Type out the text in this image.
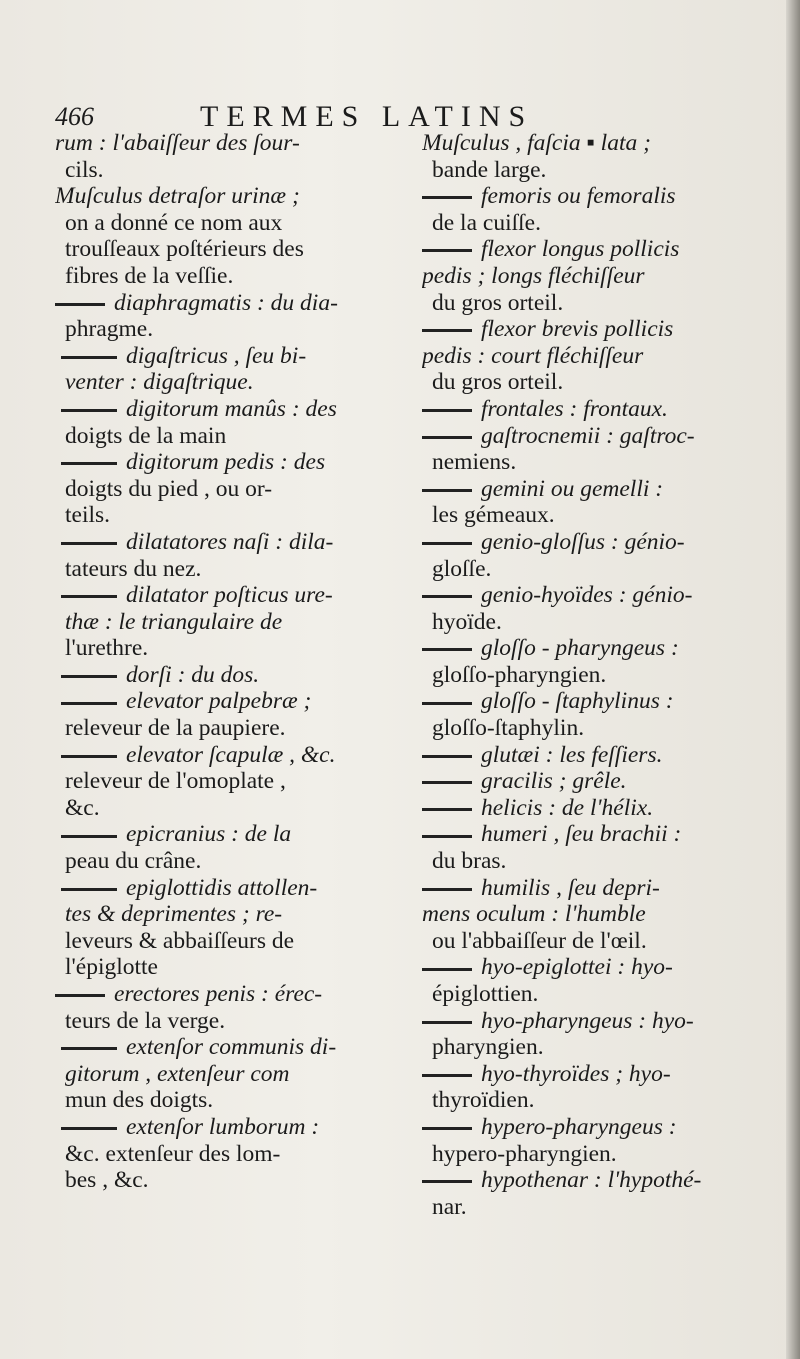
466	TERMES LATINS
rum : l'abaiſſeur des ſour-
cils.
Muſculus detraſor urinæ ;
on a donné ce nom aux
trouſſeaux poſtérieurs des
fibres de la veſſie.
diaphragmatis : du dia-
phragme.
digaſtricus , ſeu bi-
venter : digaſtrique.
digitorum manûs : des
doigts de la main
digitorum pedis : des
doigts du pied , ou or-
teils.
dilatatores naſi : dila-
tateurs du nez.
dilatator poſticus ure-
thæ : le triangulaire de
l'urethre.
dorſi : du dos.
elevator palpebræ ;
releveur de la paupiere.
elevator ſcapulæ , &c.
releveur de l'omoplate ,
&c.
epicranius : de la
peau du crâne.
epiglottidis attollen-
tes & deprimentes ; re-
leveurs & abbaiſſeurs de
l'épiglotte
erectores penis : érec-
teurs de la verge.
extenſor communis di-
gitorum , extenſeur com
mun des doigts.
extenſor lumborum :
&c. extenſeur des lom-
bes , &c.
Muſculus , faſcia ▪ lata ;
bande large.
femoris ou femoralis
de la cuiſſe.
flexor longus pollicis
pedis ; longs fléchiſſeur
du gros orteil.
flexor brevis pollicis
pedis : court fléchiſſeur
du gros orteil.
frontales : frontaux.
gaſtrocnemii : gaſtroc-
nemiens.
gemini ou gemelli :
les gémeaux.
genio-gloſſus : génio-
gloſſe.
genio-hyoïdes : génio-
hyoïde.
gloſſo - pharyngeus :
gloſſo-pharyngien.
gloſſo - ſtaphylinus :
gloſſo-ſtaphylin.
glutæi : les feſſiers.
gracilis ; grêle.
helicis : de l'hélix.
humeri , ſeu brachii :
du bras.
humilis , ſeu depri-
mens oculum : l'humble
ou l'abbaiſſeur de l'œil.
hyo-epiglottei : hyo-
épiglottien.
hyo-pharyngeus : hyo-
pharyngien.
hyo-thyroïdes ; hyo-
thyroïdien.
hypero-pharyngeus :
hypero-pharyngien.
hypothenar : l'hypothé-
nar.
